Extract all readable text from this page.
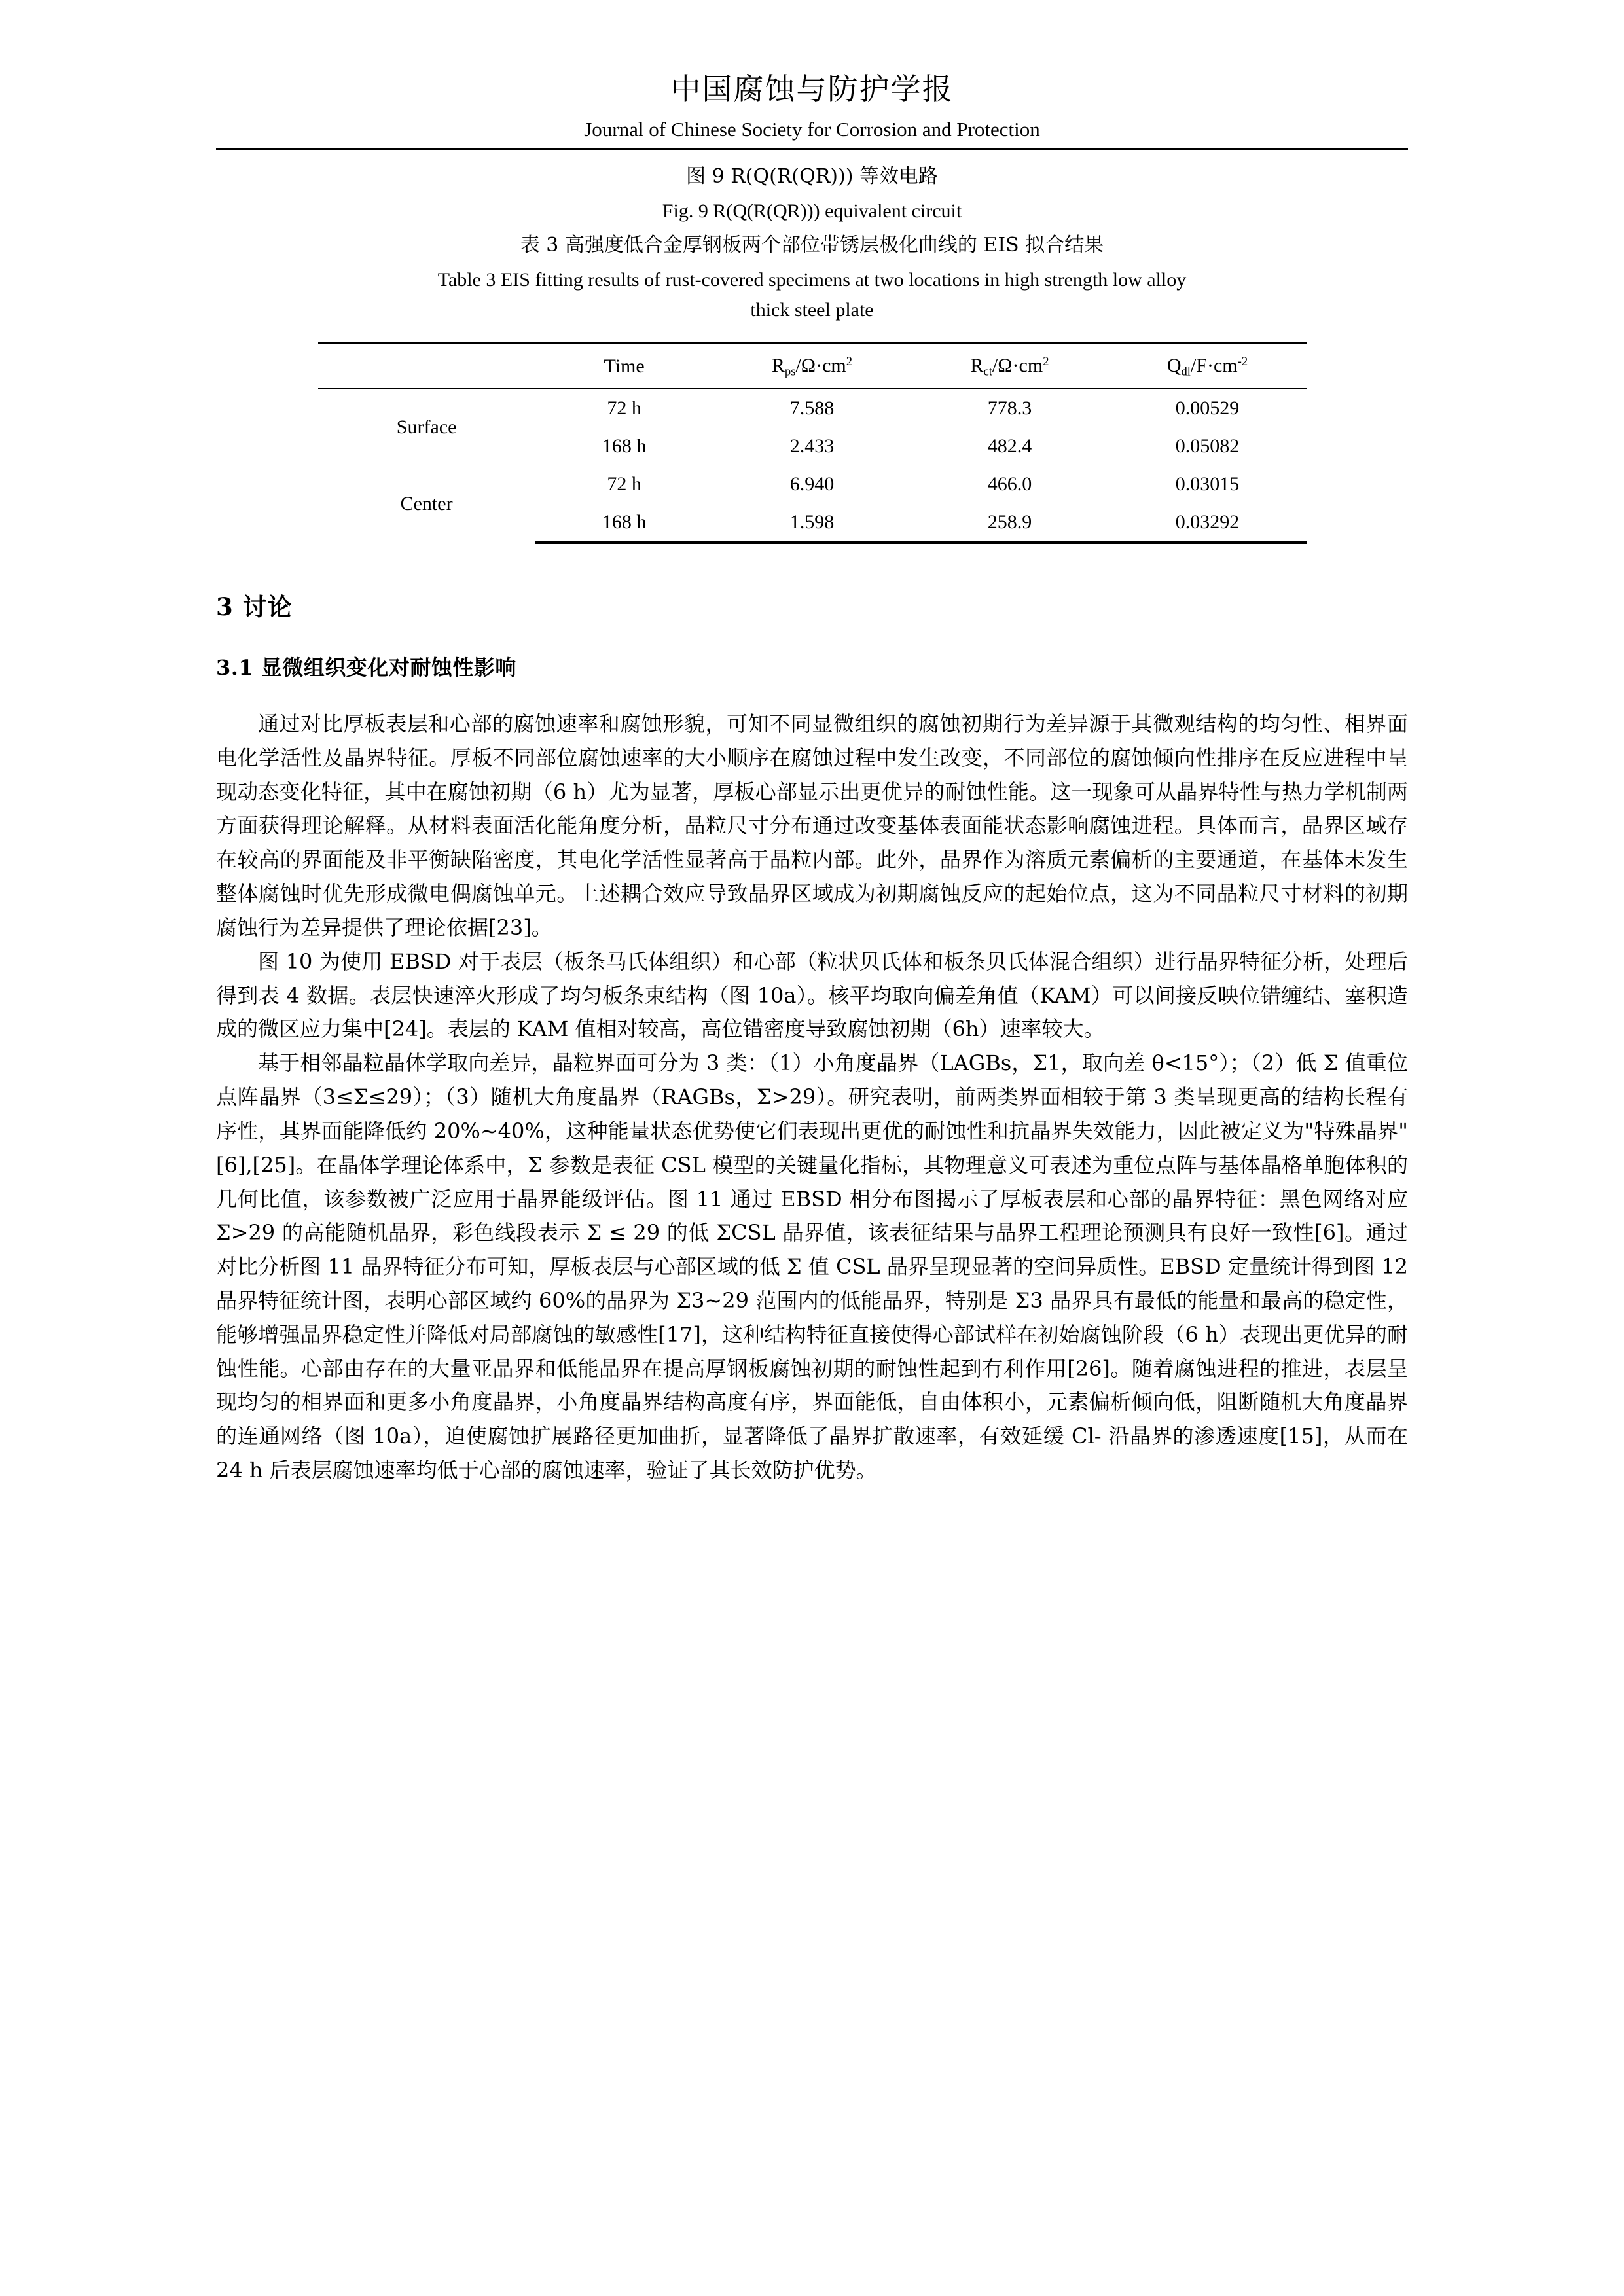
中国腐蚀与防护学报
Journal of Chinese Society for Corrosion and Protection
图 9 R(Q(R(QR))) 等效电路
Fig. 9 R(Q(R(QR))) equivalent circuit
表 3 高强度低合金厚钢板两个部位带锈层极化曲线的 EIS 拟合结果
Table 3 EIS fitting results of rust-covered specimens at two locations in high strength low alloy
thick steel plate
	Time	$R_{ps}/\Omega\cdot cm^2$	$R_{ct}/\Omega\cdot cm^2$	$Q_{dl}/F\cdot cm^{-2}$
Surface	72 h	7.588	778.3	0.00529
	168 h	2.433	482.4	0.05082
Center	72 h	6.940	466.0	0.03015
	168 h	1.598	258.9	0.03292
3 讨论
3.1 显微组织变化对耐蚀性影响

通过对比厚板表层和心部的腐蚀速率和腐蚀形貌，可知不同显微组织的腐蚀初期行为差异源于其微观结构的均匀性、相界面电化学活性及晶界特征。厚板不同部位腐蚀速率的大小顺序在腐蚀过程中发生改变，不同部位的腐蚀倾向性排序在反应进程中呈现动态变化特征，其中在腐蚀初期（6 h）尤为显著，厚板心部显示出更优异的耐蚀性能。这一现象可从晶界特性与热力学机制两方面获得理论解释。从材料表面活化能角度分析，晶粒尺寸分布通过改变基体表面能状态影响腐蚀进程。具体而言，晶界区域存在较高的界面能及非平衡缺陷密度，其电化学活性显著高于晶粒内部。此外，晶界作为溶质元素偏析的主要通道，在基体未发生整体腐蚀时优先形成微电偶腐蚀单元。上述耦合效应导致晶界区域成为初期腐蚀反应的起始位点，这为不同晶粒尺寸材料的初期腐蚀行为差异提供了理论依据[23]。

图 10 为使用 EBSD 对于表层（板条马氏体组织）和心部（粒状贝氏体和板条贝氏体混合组织）进行晶界特征分析，处理后得到表 4 数据。表层快速淬火形成了均匀板条束结构（图 10a）。核平均取向偏差角值（KAM）可以间接反映位错缠结、塞积造成的微区应力集中[24]。表层的 KAM 值相对较高，高位错密度导致腐蚀初期（6h）速率较大。

基于相邻晶粒晶体学取向差异，晶粒界面可分为 3 类：（1）小角度晶界（LAGBs，Σ1，取向差 θ<15°）；（2）低 Σ 值重位点阵晶界（3≤Σ≤29）；（3）随机大角度晶界（RAGBs，Σ>29）。研究表明，前两类界面相较于第 3 类呈现更高的结构长程有序性，其界面能降低约 20%~40%，这种能量状态优势使它们表现出更优的耐蚀性和抗晶界失效能力，因此被定义为"特殊晶界"[6],[25]。在晶体学理论体系中，Σ 参数是表征 CSL 模型的关键量化指标，其物理意义可表述为重位点阵与基体晶格单胞体积的几何比值，该参数被广泛应用于晶界能级评估。图 11 通过 EBSD 相分布图揭示了厚板表层和心部的晶界特征：黑色网络对应 Σ>29 的高能随机晶界，彩色线段表示 Σ ≤ 29 的低 ΣCSL 晶界值，该表征结果与晶界工程理论预测具有良好一致性[6]。通过对比分析图 11 晶界特征分布可知，厚板表层与心部区域的低 Σ 值 CSL 晶界呈现显著的空间异质性。EBSD 定量统计得到图 12 晶界特征统计图，表明心部区域约 60%的晶界为 Σ3~29 范围内的低能晶界，特别是 Σ3 晶界具有最低的能量和最高的稳定性，能够增强晶界稳定性并降低对局部腐蚀的敏感性[17]，这种结构特征直接使得心部试样在初始腐蚀阶段（6 h）表现出更优异的耐蚀性能。心部由存在的大量亚晶界和低能晶界在提高厚钢板腐蚀初期的耐蚀性起到有利作用[26]。随着腐蚀进程的推进，表层呈现均匀的相界面和更多小角度晶界，小角度晶界结构高度有序，界面能低，自由体积小，元素偏析倾向低，阻断随机大角度晶界的连通网络（图 10a），迫使腐蚀扩展路径更加曲折，显著降低了晶界扩散速率，有效延缓 Cl- 沿晶界的渗透速度[15]，从而在 24 h 后表层腐蚀速率均低于心部的腐蚀速率，验证了其长效防护优势。
